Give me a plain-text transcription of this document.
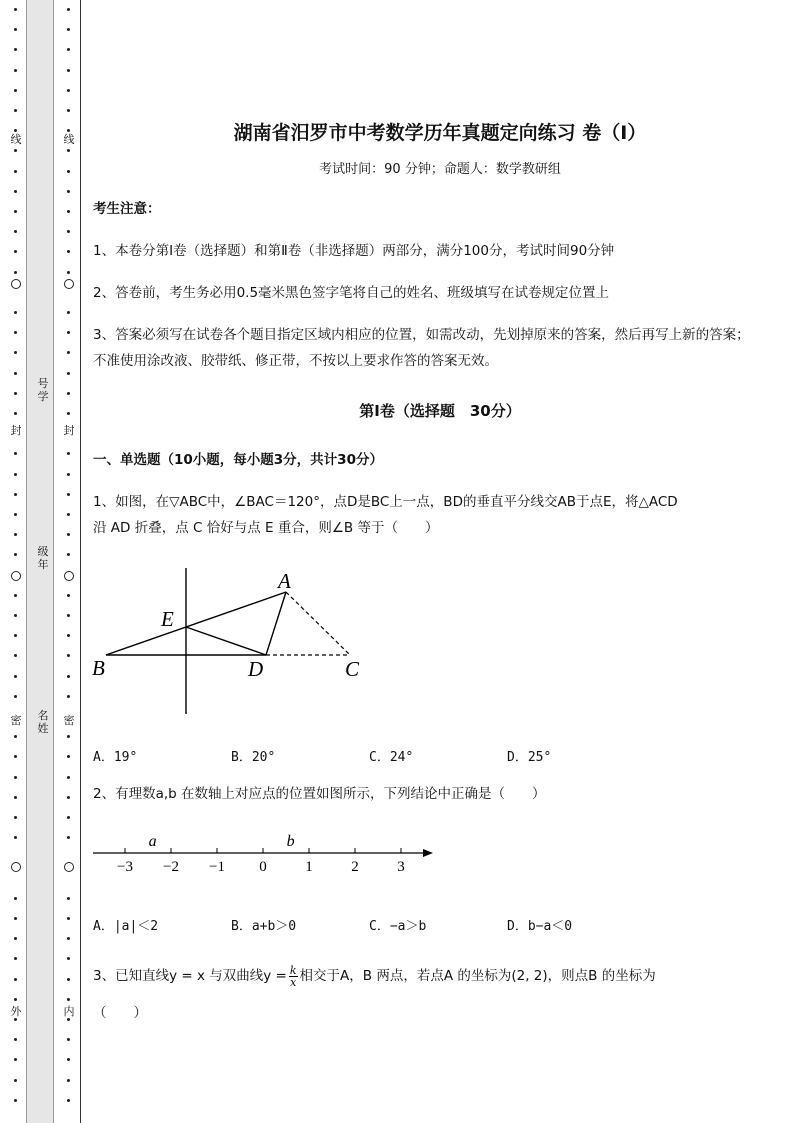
线
封
密
外
线
封
密
内
号学
级年
名姓
湖南省汨罗市中考数学历年真题定向练习 卷（Ⅰ）
考试时间：90 分钟；命题人：数学教研组
考生注意：
1、本卷分第Ⅰ卷（选择题）和第Ⅱ卷（非选择题）两部分，满分100分，考试时间90分钟
2、答卷前，考生务必用0.5毫米黑色签字笔将自己的姓名、班级填写在试卷规定位置上
3、答案必须写在试卷各个题目指定区域内相应的位置，如需改动，先划掉原来的答案，然后再写上新的答案；不准使用涂改液、胶带纸、修正带，不按以上要求作答的答案无效。
第Ⅰ卷（选择题　30分）
一、单选题（10小题，每小题3分，共计30分）
1、如图，在▽ABC中，∠BAC＝120°，点D是BC上一点，BD的垂直平分线交AB于点E，将△ACD
沿 AD 折叠，点 C 恰好与点 E 重合，则∠B 等于（　　）
A
E
B	D	C
A．19°	B．20°	C．24°	D．25°
2、有理数a,b 在数轴上对应点的位置如图所示，下列结论中正确是（　　）
−3 −2 −1 0	1	2	3
a	b
A．|a|＜2	B．a+b＞0	C．−a＞b	D．b−a＜0
3、已知直线y = x 与双曲线$y = \frac{k}{x}$ 相交于A，B 两点，若点A 的坐标为(2, 2)，则点B 的坐标为
（　　）
